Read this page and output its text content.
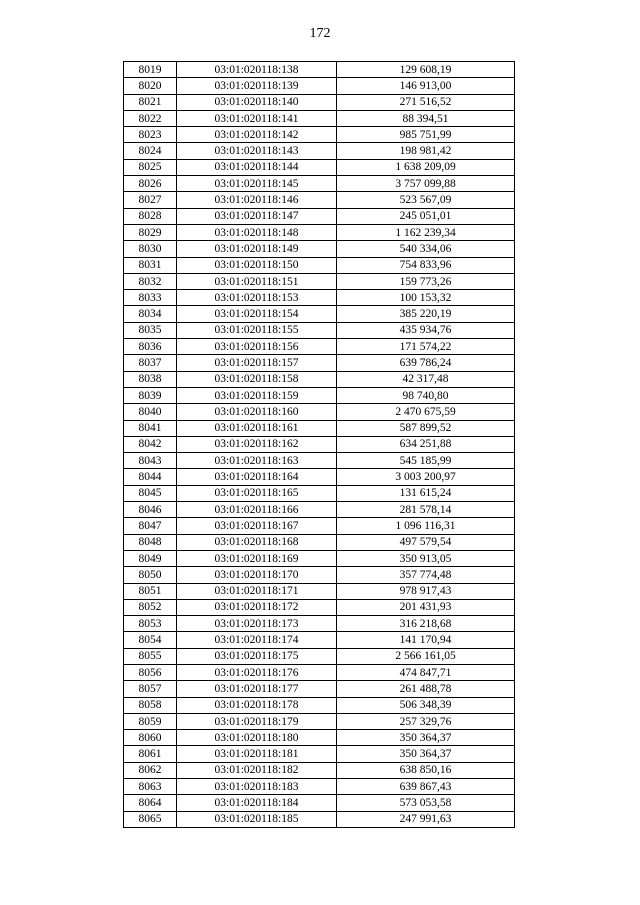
172
8019	03:01:020118:138	129 608,19
8020	03:01:020118:139	146 913,00
8021	03:01:020118:140	271 516,52
8022	03:01:020118:141	88 394,51
8023	03:01:020118:142	985 751,99
8024	03:01:020118:143	198 981,42
8025	03:01:020118:144	1 638 209,09
8026	03:01:020118:145	3 757 099,88
8027	03:01:020118:146	523 567,09
8028	03:01:020118:147	245 051,01
8029	03:01:020118:148	1 162 239,34
8030	03:01:020118:149	540 334,06
8031	03:01:020118:150	754 833,96
8032	03:01:020118:151	159 773,26
8033	03:01:020118:153	100 153,32
8034	03:01:020118:154	385 220,19
8035	03:01:020118:155	435 934,76
8036	03:01:020118:156	171 574,22
8037	03:01:020118:157	639 786,24
8038	03:01:020118:158	42 317,48
8039	03:01:020118:159	98 740,80
8040	03:01:020118:160	2 470 675,59
8041	03:01:020118:161	587 899,52
8042	03:01:020118:162	634 251,88
8043	03:01:020118:163	545 185,99
8044	03:01:020118:164	3 003 200,97
8045	03:01:020118:165	131 615,24
8046	03:01:020118:166	281 578,14
8047	03:01:020118:167	1 096 116,31
8048	03:01:020118:168	497 579,54
8049	03:01:020118:169	350 913,05
8050	03:01:020118:170	357 774,48
8051	03:01:020118:171	978 917,43
8052	03:01:020118:172	201 431,93
8053	03:01:020118:173	316 218,68
8054	03:01:020118:174	141 170,94
8055	03:01:020118:175	2 566 161,05
8056	03:01:020118:176	474 847,71
8057	03:01:020118:177	261 488,78
8058	03:01:020118:178	506 348,39
8059	03:01:020118:179	257 329,76
8060	03:01:020118:180	350 364,37
8061	03:01:020118:181	350 364,37
8062	03:01:020118:182	638 850,16
8063	03:01:020118:183	639 867,43
8064	03:01:020118:184	573 053,58
8065	03:01:020118:185	247 991,63
